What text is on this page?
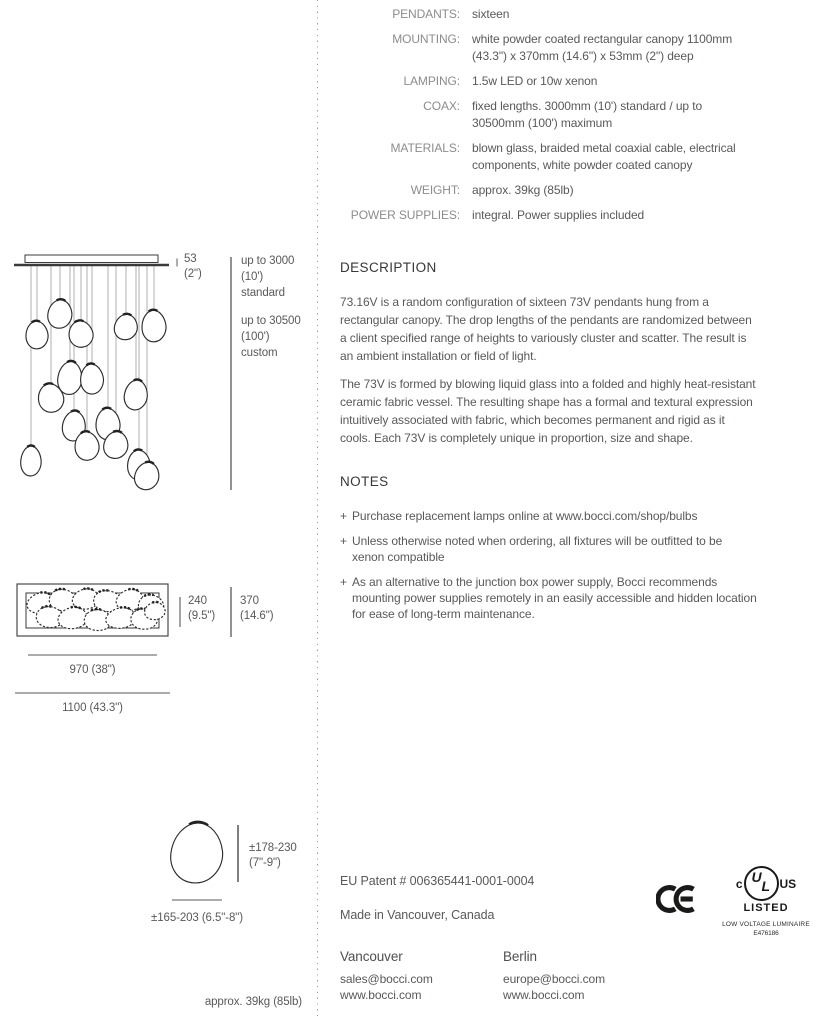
53
(2")
up to 3000
(10')
standard
up to 30500
(100')
custom
240
(9.5")
370
(14.6")
970 (38")
1100 (43.3")
±178-230
(7"-9")
±165-203 (6.5"-8")
approx. 39kg (85lb)
PENDANTS: sixteen
MOUNTING: white powder coated rectangular canopy 1100mm
(43.3") x 370mm (14.6") x 53mm (2") deep
LAMPING: 1.5w LED or 10w xenon
COAX: fixed lengths. 3000mm (10') standard / up to
30500mm (100') maximum
MATERIALS: blown glass, braided metal coaxial cable, electrical
components, white powder coated canopy
WEIGHT: approx. 39kg (85lb)
POWER SUPPLIES: integral. Power supplies included
DESCRIPTION
73.16V is a random configuration of sixteen 73V pendants hung from a
rectangular canopy. The drop lengths of the pendants are randomized between
a client specified range of heights to variously cluster and scatter. The result is
an ambient installation or field of light.
The 73V is formed by blowing liquid glass into a folded and highly heat-resistant
ceramic fabric vessel. The resulting shape has a formal and textural expression
intuitively associated with fabric, which becomes permanent and rigid as it
cools. Each 73V is completely unique in proportion, size and shape.
NOTES
+ Purchase replacement lamps online at www.bocci.com/shop/bulbs
+ Unless otherwise noted when ordering, all fixtures will be outfitted to be
xenon compatible
+ As an alternative to the junction box power supply, Bocci recommends
mounting power supplies remotely in an easily accessible and hidden location
for ease of long-term maintenance.
EU Patent # 006365441-0001-0004
Made in Vancouver, Canada
Vancouver
sales@bocci.com
www.bocci.com
Berlin
europe@bocci.com
www.bocci.com
c U
L US
LISTED
LOW VOLTAGE LUMINAIRE
E476186
